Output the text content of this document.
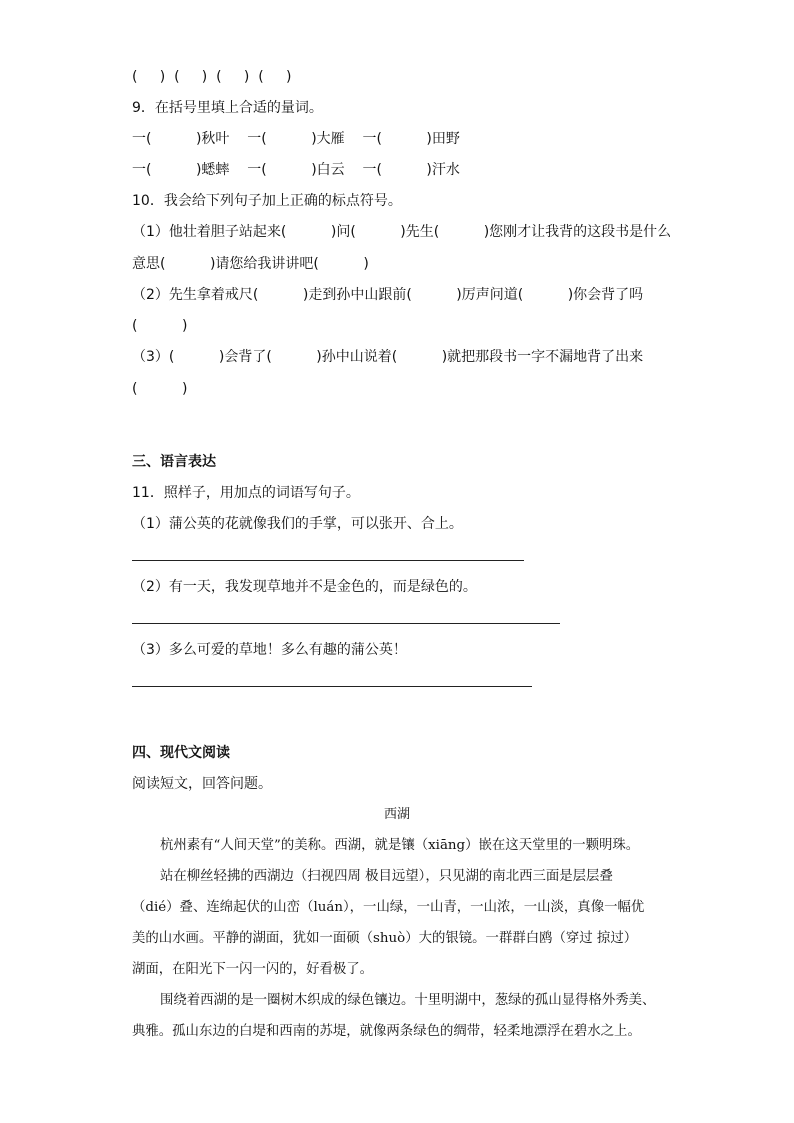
(     )  (     )  (     )  (     )
9．在括号里填上合适的量词。
一(          )秋叶    一(          )大雁    一(          )田野
一(          )蟋蟀    一(          )白云    一(          )汗水
10．我会给下列句子加上正确的标点符号。
（1）他壮着胆子站起来(          )问(          )先生(          )您刚才让我背的这段书是什么
意思(          )请您给我讲讲吧(          )
（2）先生拿着戒尺(          )走到孙中山跟前(          )厉声问道(          )你会背了吗
(          )
（3）(          )会背了(          )孙中山说着(          )就把那段书一字不漏地背了出来
(          )
三、语言表达
11．照样子，用加点的词语写句子。
（1）蒲公英的花就像我们的手掌，可以张开、合上。
（2）有一天，我发现草地并不是金色的，而是绿色的。
（3）多么可爱的草地！多么有趣的蒲公英！
四、现代文阅读
阅读短文，回答问题。
西湖
杭州素有“人间天堂”的美称。西湖，就是镶（xiāng）嵌在这天堂里的一颗明珠。
站在柳丝轻拂的西湖边（扫视四周 极目远望），只见湖的南北西三面是层层叠
（dié）叠、连绵起伏的山峦（luán），一山绿，一山青，一山浓，一山淡，真像一幅优
美的山水画。平静的湖面，犹如一面硕（shuò）大的银镜。一群群白鸥（穿过 掠过）
湖面，在阳光下一闪一闪的，好看极了。
围绕着西湖的是一圈树木织成的绿色镶边。十里明湖中，葱绿的孤山显得格外秀美、
典雅。孤山东边的白堤和西南的苏堤，就像两条绿色的绸带，轻柔地漂浮在碧水之上。
